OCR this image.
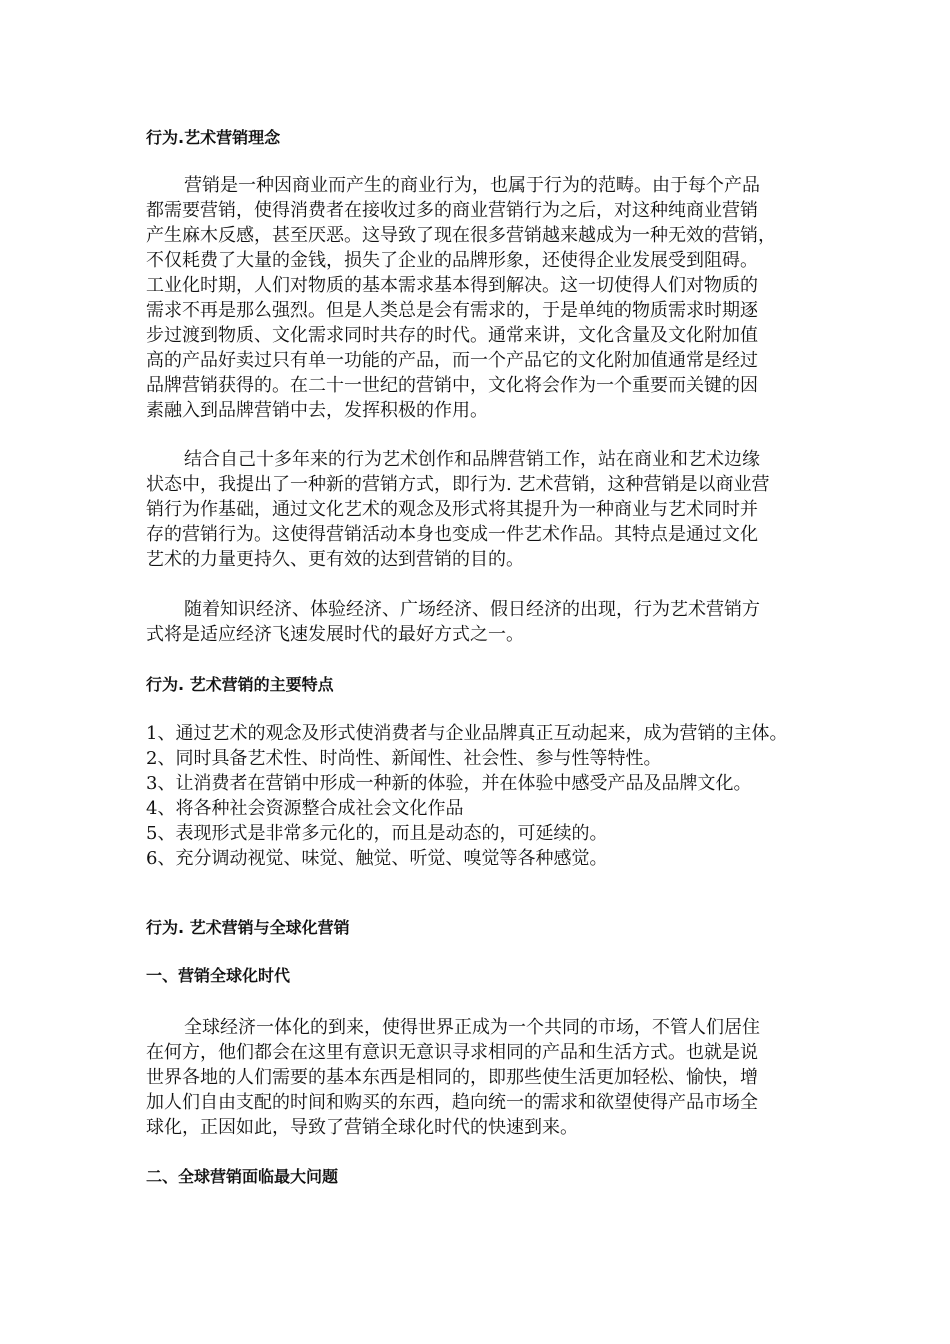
行为.艺术营销理念
营销是一种因商业而产生的商业行为，也属于行为的范畴。由于每个产品
都需要营销，使得消费者在接收过多的商业营销行为之后，对这种纯商业营销
产生麻木反感，甚至厌恶。这导致了现在很多营销越来越成为一种无效的营销，
不仅耗费了大量的金钱，损失了企业的品牌形象，还使得企业发展受到阻碍。
工业化时期，人们对物质的基本需求基本得到解决。这一切使得人们对物质的
需求不再是那么强烈。但是人类总是会有需求的，于是单纯的物质需求时期逐
步过渡到物质、文化需求同时共存的时代。通常来讲，文化含量及文化附加值
高的产品好卖过只有单一功能的产品，而一个产品它的文化附加值通常是经过
品牌营销获得的。在二十一世纪的营销中，文化将会作为一个重要而关键的因
素融入到品牌营销中去，发挥积极的作用。
结合自己十多年来的行为艺术创作和品牌营销工作，站在商业和艺术边缘
状态中，我提出了一种新的营销方式，即行为. 艺术营销，这种营销是以商业营
销行为作基础，通过文化艺术的观念及形式将其提升为一种商业与艺术同时并
存的营销行为。这使得营销活动本身也变成一件艺术作品。其特点是通过文化
艺术的力量更持久、更有效的达到营销的目的。
随着知识经济、体验经济、广场经济、假日经济的出现，行为艺术营销方
式将是适应经济飞速发展时代的最好方式之一。
行为. 艺术营销的主要特点
1、通过艺术的观念及形式使消费者与企业品牌真正互动起来，成为营销的主体。
2、同时具备艺术性、时尚性、新闻性、社会性、参与性等特性。
3、让消费者在营销中形成一种新的体验，并在体验中感受产品及品牌文化。
4、将各种社会资源整合成社会文化作品
5、表现形式是非常多元化的，而且是动态的，可延续的。
6、充分调动视觉、味觉、触觉、听觉、嗅觉等各种感觉。
行为. 艺术营销与全球化营销
一、营销全球化时代
全球经济一体化的到来，使得世界正成为一个共同的市场，不管人们居住
在何方，他们都会在这里有意识无意识寻求相同的产品和生活方式。也就是说
世界各地的人们需要的基本东西是相同的，即那些使生活更加轻松、愉快，增
加人们自由支配的时间和购买的东西，趋向统一的需求和欲望使得产品市场全
球化，正因如此，导致了营销全球化时代的快速到来。
二、全球营销面临最大问题
